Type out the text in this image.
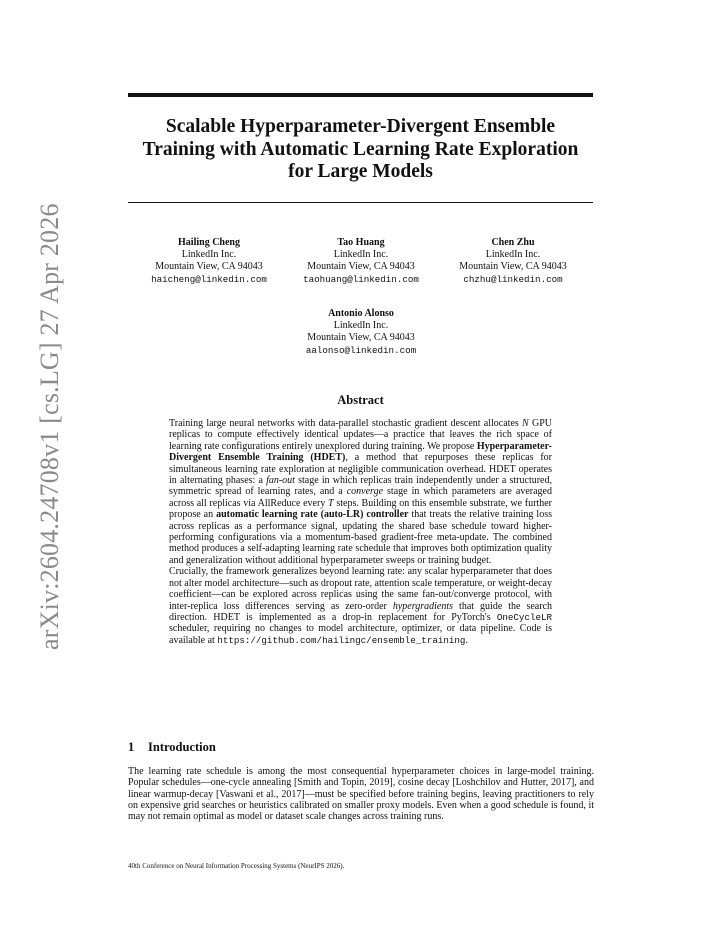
arXiv:2604.24708v1 [cs.LG] 27 Apr 2026
Scalable Hyperparameter-Divergent Ensemble
Training with Automatic Learning Rate Exploration
for Large Models
Hailing Cheng
LinkedIn Inc.
Mountain View, CA 94043
haicheng@linkedin.com
Tao Huang
LinkedIn Inc.
Mountain View, CA 94043
taohuang@linkedin.com
Chen Zhu
LinkedIn Inc.
Mountain View, CA 94043
chzhu@linkedin.com
Antonio Alonso
LinkedIn Inc.
Mountain View, CA 94043
aalonso@linkedin.com
Abstract

Training large neural networks with data-parallel stochastic gradient descent allocates N GPU replicas to compute effectively identical updates—a practice that leaves the rich space of learning rate configurations entirely unexplored during training. We propose Hyperparameter-Divergent Ensemble Training (HDET), a method that repurposes these replicas for simultaneous learning rate exploration at negligible communication overhead. HDET operates in alternating phases: a fan-out stage in which replicas train independently under a structured, symmetric spread of learning rates, and a converge stage in which parameters are averaged across all replicas via AllReduce every T steps. Building on this ensemble substrate, we further propose an automatic learning rate (auto-LR) controller that treats the relative training loss across replicas as a performance signal, updating the shared base schedule toward higher-performing configurations via a momentum-based gradient-free meta-update. The combined method produces a self-adapting learning rate schedule that improves both optimization quality and generalization without additional hyperparameter sweeps or training budget.

Crucially, the framework generalizes beyond learning rate: any scalar hyperparameter that does not alter model architecture—such as dropout rate, attention scale temperature, or weight-decay coefficient—can be explored across replicas using the same fan-out/converge protocol, with inter-replica loss differences serving as zero-order hypergradients that guide the search direction. HDET is implemented as a drop-in replacement for PyTorch's OneCycleLR scheduler, requiring no changes to model architecture, optimizer, or data pipeline. Code is available at https://github.com/hailingc/ensemble_training.

1 Introduction

The learning rate schedule is among the most consequential hyperparameter choices in large-model training. Popular schedules—one-cycle annealing [Smith and Topin, 2019], cosine decay [Loshchilov and Hutter, 2017], and linear warmup-decay [Vaswani et al., 2017]—must be specified before training begins, leaving practitioners to rely on expensive grid searches or heuristics calibrated on smaller proxy models. Even when a good schedule is found, it may not remain optimal as model or dataset scale changes across training runs.

40th Conference on Neural Information Processing Systems (NeurIPS 2026).
